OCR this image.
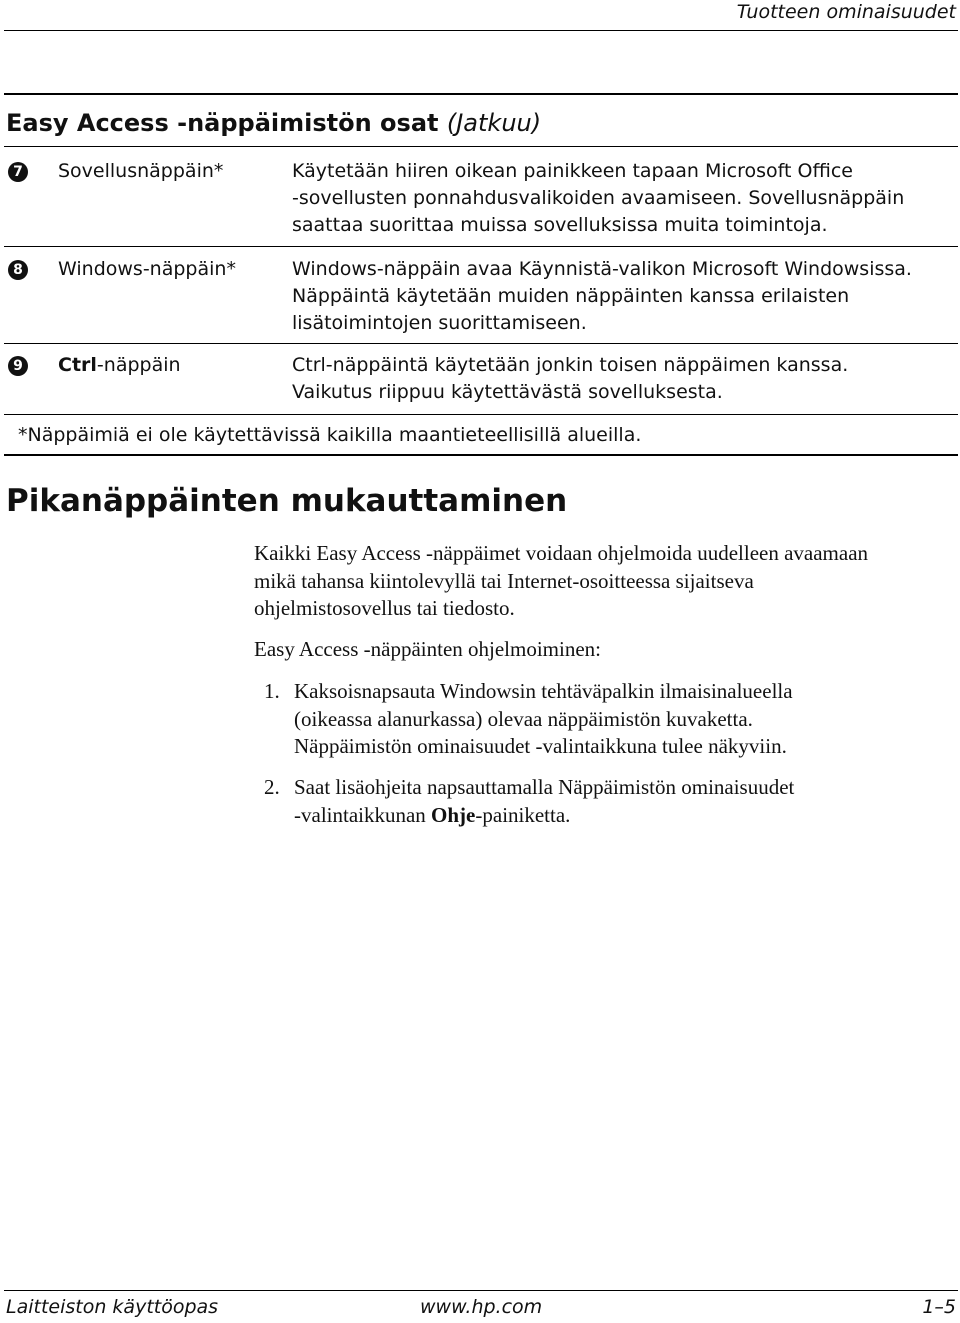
Tuotteen ominaisuudet
Easy Access -näppäimistön osat (Jatkuu)
7 Sovellusnäppäin*	Käytetään hiiren oikean painikkeen tapaan Microsoft Office
-sovellusten ponnahdusvalikoiden avaamiseen. Sovellusnäppäin
saattaa suorittaa muissa sovelluksissa muita toimintoja.
8 Windows-näppäin*	Windows-näppäin avaa Käynnistä-valikon Microsoft Windowsissa.
Näppäintä käytetään muiden näppäinten kanssa erilaisten
lisätoimintojen suorittamiseen.
9 Ctrl-näppäin	Ctrl-näppäintä käytetään jonkin toisen näppäimen kanssa.
Vaikutus riippuu käytettävästä sovelluksesta.
*Näppäimiä ei ole käytettävissä kaikilla maantieteellisillä alueilla.
Pikanäppäinten mukauttaminen
Kaikki Easy Access -näppäimet voidaan ohjelmoida uudelleen avaamaan
mikä tahansa kiintolevyllä tai Internet-osoitteessa sijaitseva
ohjelmistosovellus tai tiedosto.
Easy Access -näppäinten ohjelmoiminen:
1. Kaksoisnapsauta Windowsin tehtäväpalkin ilmaisinalueella
(oikeassa alanurkassa) olevaa näppäimistön kuvaketta.
Näppäimistön ominaisuudet -valintaikkuna tulee näkyviin.
2. Saat lisäohjeita napsauttamalla Näppäimistön ominaisuudet
-valintaikkunan Ohje-painiketta.
Laitteiston käyttöopas	www.hp.com	1–5
